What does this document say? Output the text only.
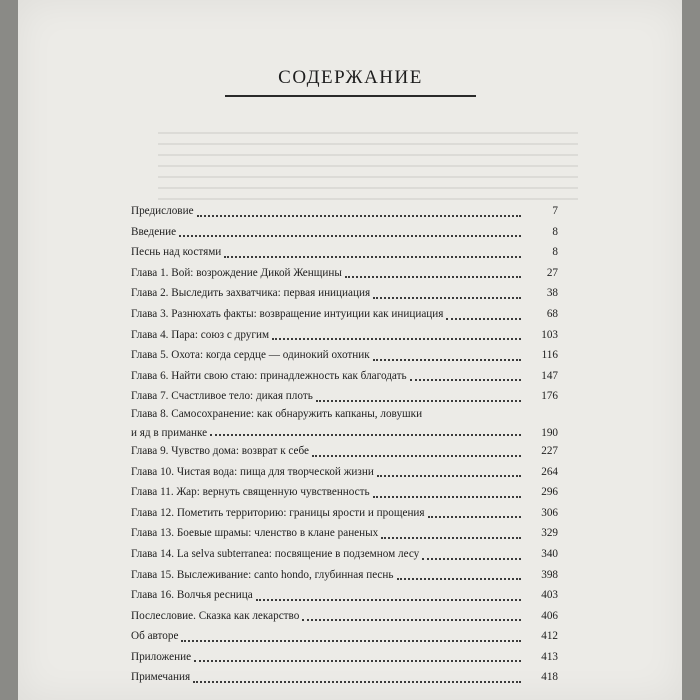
СОДЕРЖАНИЕ
Предисловие	7
Введение	8
Песнь над костями	8
Глава 1. Вой: возрождение Дикой Женщины	27
Глава 2. Выследить захватчика: первая инициация	38
Глава 3. Разнюхать факты: возвращение интуиции как инициация	68
Глава 4. Пара: союз с другим	103
Глава 5. Охота: когда сердце — одинокий охотник	116
Глава 6. Найти свою стаю: принадлежность как благодать	147
Глава 7. Счастливое тело: дикая плоть	176
Глава 8. Самосохранение: как обнаружить капканы, ловушки
и яд в приманке	190
Глава 9. Чувство дома: возврат к себе	227
Глава 10. Чистая вода: пища для творческой жизни	264
Глава 11. Жар: вернуть священную чувственность	296
Глава 12. Пометить территорию: границы ярости и прощения	306
Глава 13. Боевые шрамы: членство в клане раненых	329
Глава 14. La selva subterranea: посвящение в подземном лесу	340
Глава 15. Выслеживание: canto hondo, глубинная песнь	398
Глава 16. Волчья ресница	403
Послесловие. Сказка как лекарство	406
Об авторе	412
Приложение	413
Примечания	418
